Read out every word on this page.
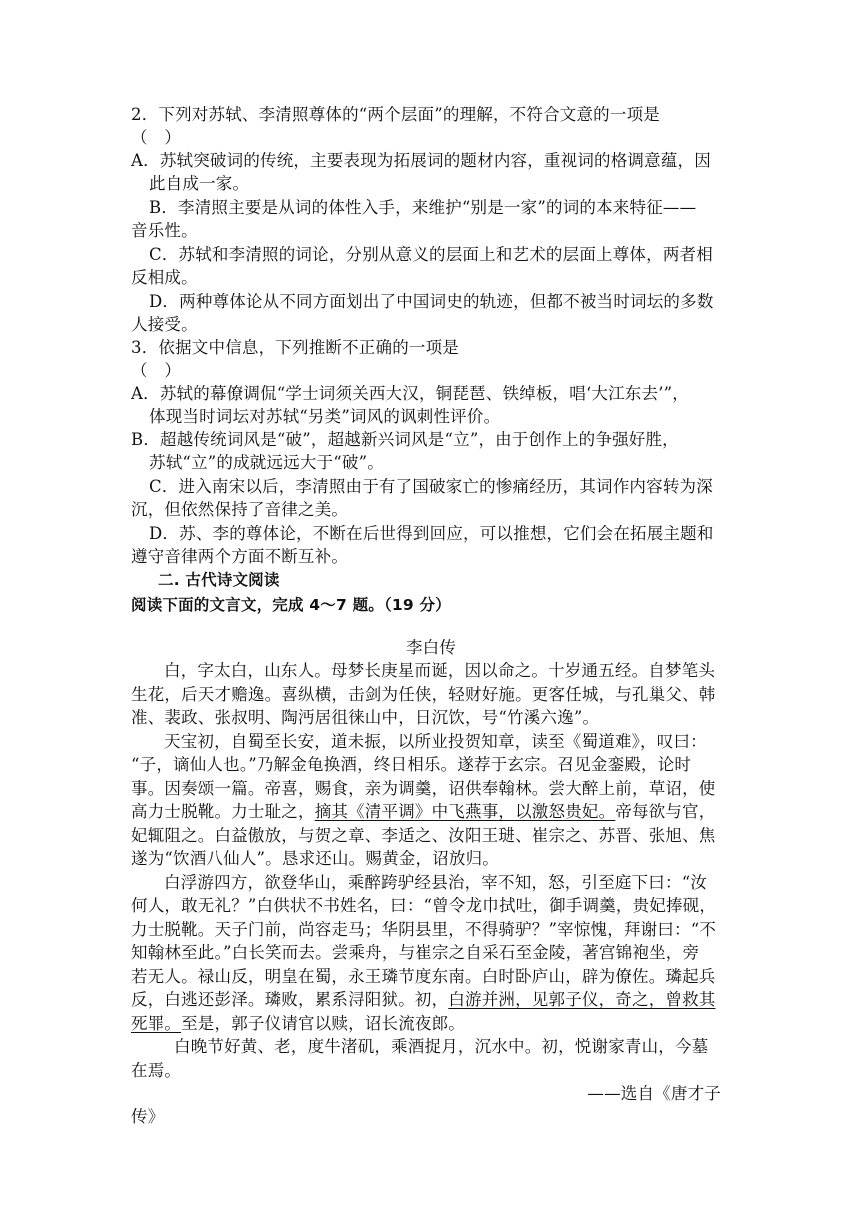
2．下列对苏轼、李清照尊体的“两个层面”的理解，不符合文意的一项是
（　）
A．苏轼突破词的传统，主要表现为拓展词的题材内容，重视词的格调意蕴，因
此自成一家。
B．李清照主要是从词的体性入手，来维护“别是一家”的词的本来特征——
音乐性。
C．苏轼和李清照的词论，分别从意义的层面上和艺术的层面上尊体，两者相
反相成。
D．两种尊体论从不同方面划出了中国词史的轨迹，但都不被当时词坛的多数
人接受。
3．依据文中信息，下列推断不正确的一项是
（　）
A．苏轼的幕僚调侃“学士词须关西大汉，铜琵琶、铁绰板，唱‘大江东去’”，
体现当时词坛对苏轼“另类”词风的讽刺性评价。
B．超越传统词风是“破”，超越新兴词风是“立”，由于创作上的争强好胜，
苏轼“立”的成就远远大于“破”。
C．进入南宋以后，李清照由于有了国破家亡的惨痛经历，其词作内容转为深
沉，但依然保持了音律之美。
D．苏、李的尊体论，不断在后世得到回应，可以推想，它们会在拓展主题和
遵守音律两个方面不断互补。
二. 古代诗文阅读
阅读下面的文言文，完成 4～7 题。（19 分）
李白传
白，字太白，山东人。母梦长庚星而诞，因以命之。十岁通五经。自梦笔头
生花，后天才赡逸。喜纵横，击剑为任侠，轻财好施。更客任城，与孔巢父、韩
准、裴政、张叔明、陶沔居徂徕山中，日沉饮，号“竹溪六逸”。
天宝初，自蜀至长安，道未振，以所业投贺知章，读至《蜀道难》，叹曰：
“子，谪仙人也。”乃解金龟换酒，终日相乐。遂荐于玄宗。召见金銮殿，论时
事。因奏颂一篇。帝喜，赐食，亲为调羹，诏供奉翰林。尝大醉上前，草诏，使
高力士脱靴。力士耻之，摘其《清平调》中飞燕事，以激怒贵妃。帝每欲与官，
妃辄阻之。白益傲放，与贺之章、李适之、汝阳王琎、崔宗之、苏晋、张旭、焦
遂为“饮酒八仙人”。恳求还山。赐黄金，诏放归。
白浮游四方，欲登华山，乘醉跨驴经县治，宰不知，怒，引至庭下曰：“汝
何人，敢无礼？”白供状不书姓名，曰：“曾令龙巾拭吐，御手调羹，贵妃捧砚，
力士脱靴。天子门前，尚容走马；华阴县里，不得骑驴？”宰惊愧，拜谢曰：“不
知翰林至此。”白长笑而去。尝乘舟，与崔宗之自采石至金陵，著宫锦袍坐，旁
若无人。禄山反，明皇在蜀，永王璘节度东南。白时卧庐山，辟为僚佐。璘起兵
反，白逃还彭泽。璘败，累系浔阳狱。初，白游并洲，见郭子仪，奇之，曾救其
死罪。至是，郭子仪请官以赎，诏长流夜郎。
白晚节好黄、老，度牛渚矶，乘酒捉月，沉水中。初，悦谢家青山，今墓
在焉。
——选自《唐才子
传》
